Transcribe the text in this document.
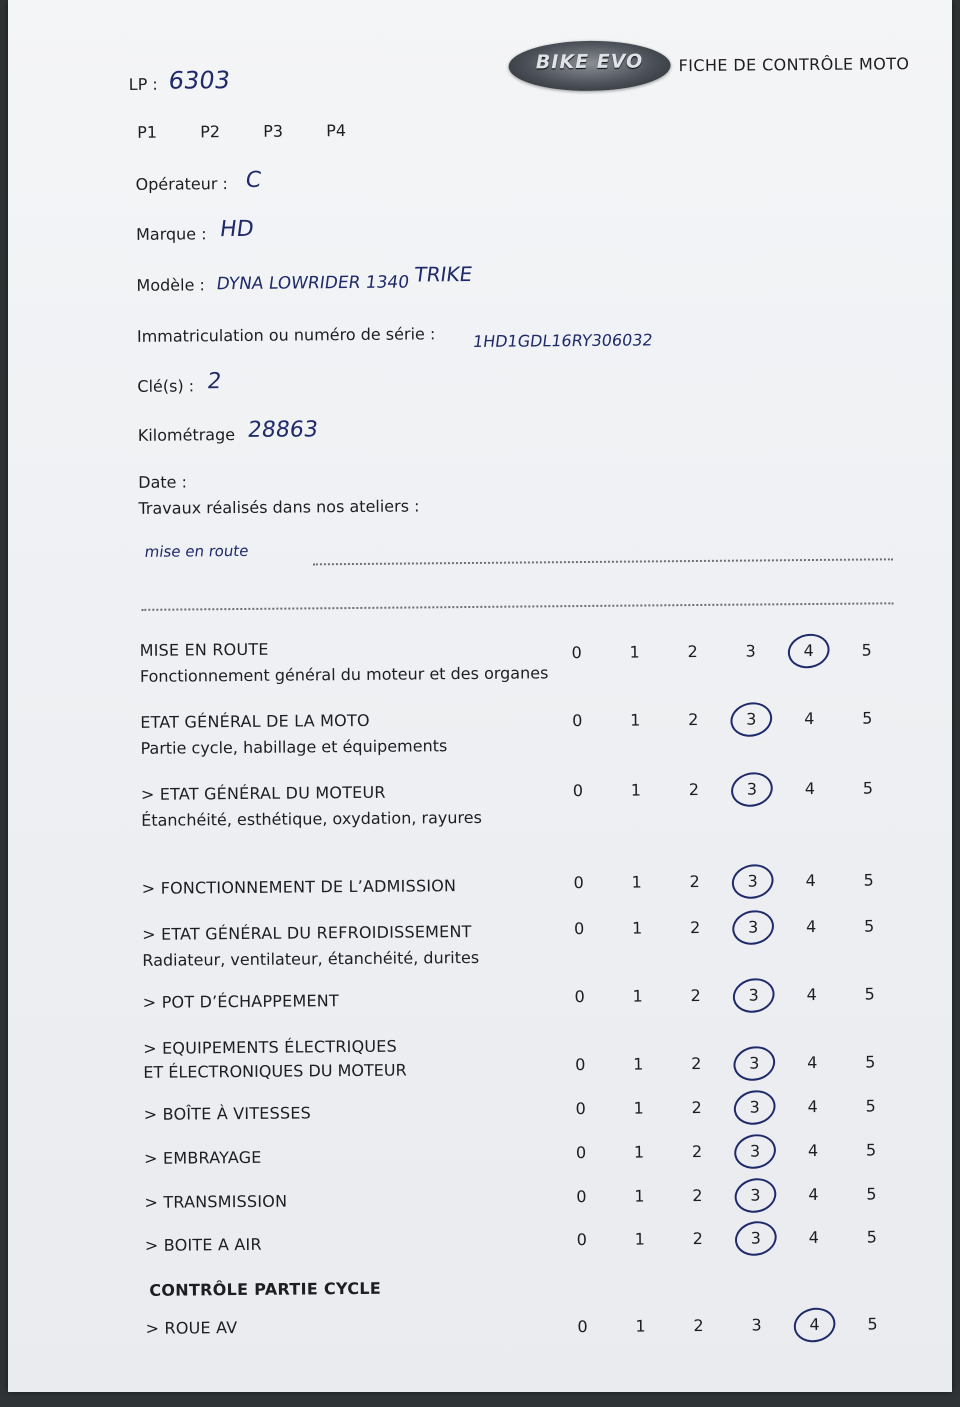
BIKE EVO FICHE DE CONTRÔLE MOTO
LP : 6303
P1	P2	P3	P4
Opérateur : C
Marque : HD
Modèle : DYNA LOWRIDER 1340 TRIKE
Immatriculation ou numéro de série : 1HD1GDL16RY306032
Clé(s) : 2
Kilométrage 28863
Date :
Travaux réalisés dans nos ateliers :
mise en route
MISE EN ROUTE
Fonctionnement général du moteur et des organes
0	1	2	3	4	5
ETAT GÉNÉRAL DE LA MOTO
Partie cycle, habillage et équipements
0	1	2	3	4	5
> ETAT GÉNÉRAL DU MOTEUR
Étanchéité, esthétique, oxydation, rayures
0	1	2	3	4	5
> FONCTIONNEMENT DE L’ADMISSION	0	1	2	3	4	5
> ETAT GÉNÉRAL DU REFROIDISSEMENT
Radiateur, ventilateur, étanchéité, durites
0	1	2	3	4	5
> POT D’ÉCHAPPEMENT	0	1	2	3	4	5
> EQUIPEMENTS ÉLECTRIQUES
ET ÉLECTRONIQUES DU MOTEUR	0	1	2	3	4	5
> BOÎTE À VITESSES	0	1	2	3	4	5
> EMBRAYAGE	0	1	2	3	4	5
> TRANSMISSION	0	1	2	3	4	5
> BOITE A AIR	0	1	2	3	4	5
CONTRÔLE PARTIE CYCLE
> ROUE AV	0	1	2	3	4	5
